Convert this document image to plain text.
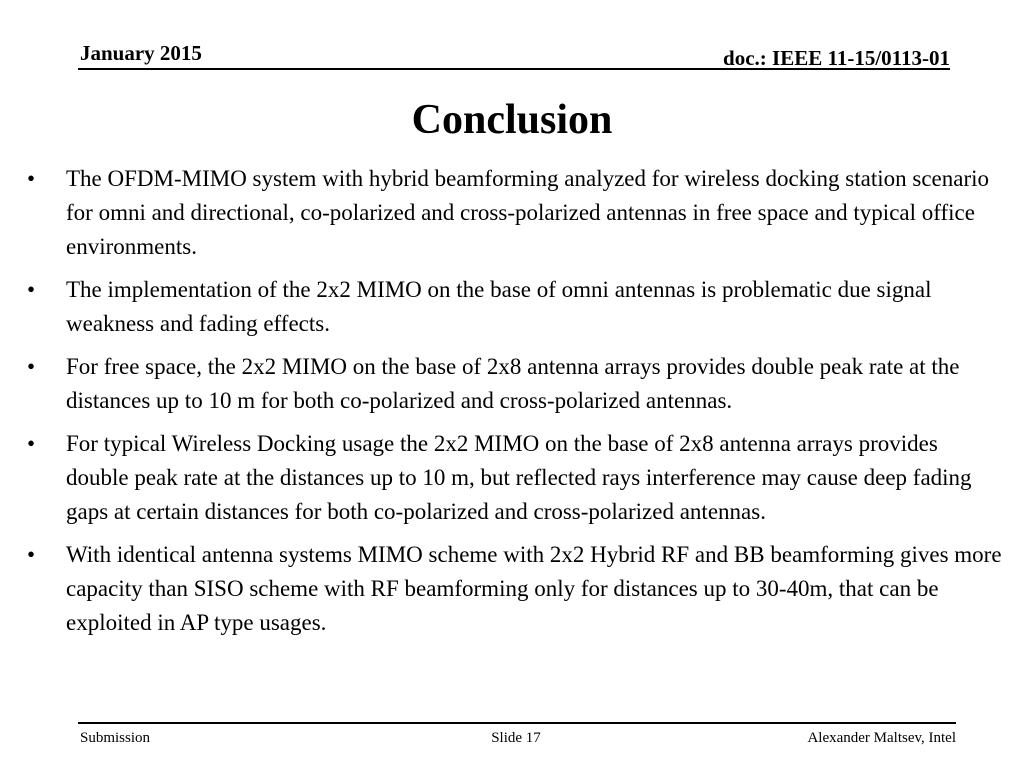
January 2015	doc.: IEEE 11-15/0113-01
Conclusion
•	The OFDM-MIMO system with hybrid beamforming analyzed for wireless docking station scenario for omni and directional, co-polarized and cross-polarized antennas in free space and typical office environments.
•	The implementation of the 2x2 MIMO on the base of omni antennas is problematic due signal weakness and fading effects.
•	For free space, the 2x2 MIMO on the base of 2x8 antenna arrays provides double peak rate at the distances up to 10 m for both co-polarized and cross-polarized antennas.
•	For typical Wireless Docking usage the 2x2 MIMO on the base of 2x8 antenna arrays provides double peak rate at the distances up to 10 m, but reflected rays interference may cause deep fading gaps at certain distances for both co-polarized and cross-polarized antennas.
•	With identical antenna systems MIMO scheme with 2x2 Hybrid RF and BB beamforming gives more capacity than SISO scheme with RF beamforming only for distances up to 30-40m, that can be exploited in AP type usages.
Submission	Slide 17	Alexander Maltsev, Intel
